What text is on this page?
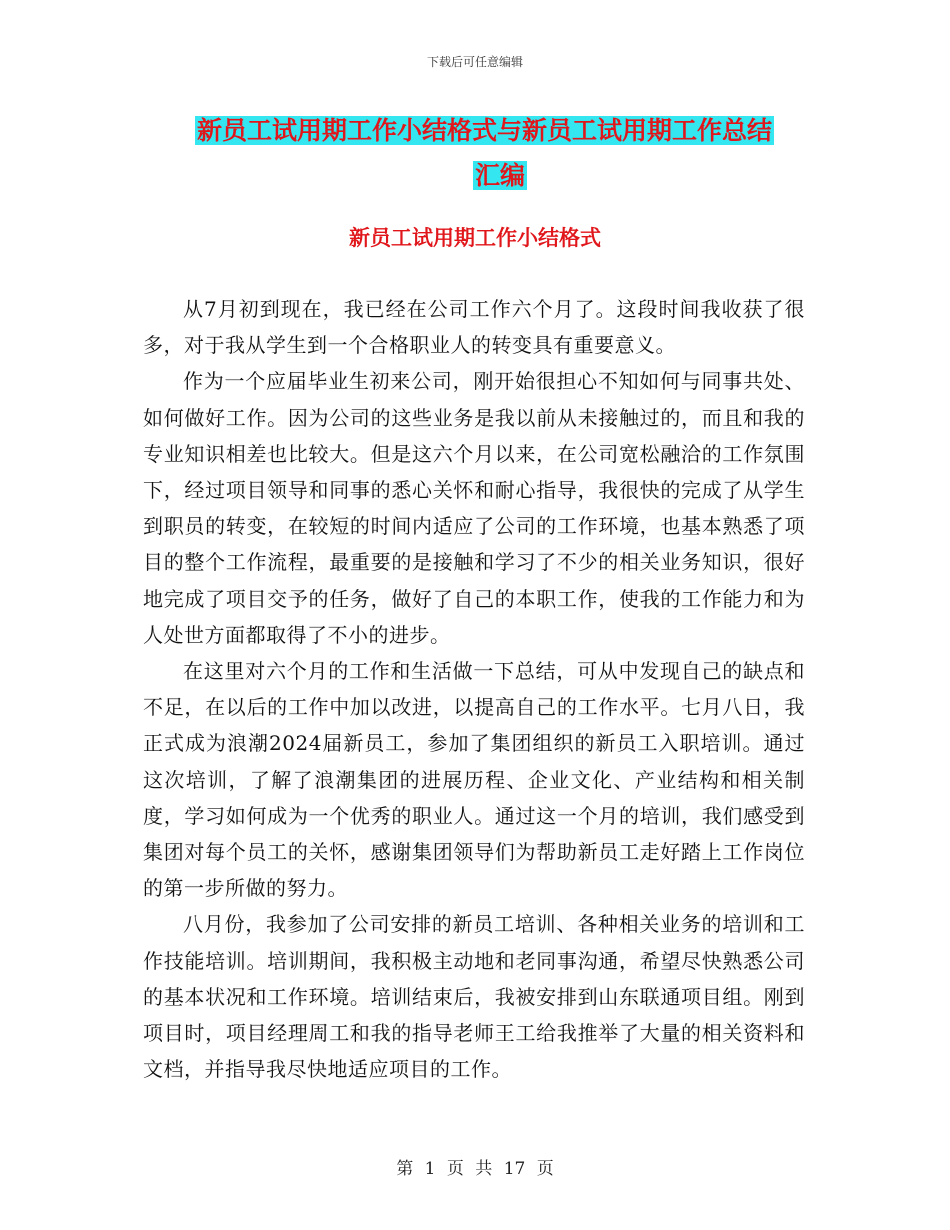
下载后可任意编辑
新员工试用期工作小结格式与新员工试用期工作总结
汇编
新员工试用期工作小结格式

从7月初到现在，我已经在公司工作六个月了。这段时间我收获了很多，对于我从学生到一个合格职业人的转变具有重要意义。

作为一个应届毕业生初来公司，刚开始很担心不知如何与同事共处、如何做好工作。因为公司的这些业务是我以前从未接触过的，而且和我的专业知识相差也比较大。但是这六个月以来，在公司宽松融洽的工作氛围下，经过项目领导和同事的悉心关怀和耐心指导，我很快的完成了从学生到职员的转变，在较短的时间内适应了公司的工作环境，也基本熟悉了项目的整个工作流程，最重要的是接触和学习了不少的相关业务知识，很好地完成了项目交予的任务，做好了自己的本职工作，使我的工作能力和为人处世方面都取得了不小的进步。

在这里对六个月的工作和生活做一下总结，可从中发现自己的缺点和不足，在以后的工作中加以改进，以提高自己的工作水平。七月八日，我正式成为浪潮2024届新员工，参加了集团组织的新员工入职培训。通过这次培训，了解了浪潮集团的进展历程、企业文化、产业结构和相关制度，学习如何成为一个优秀的职业人。通过这一个月的培训，我们感受到集团对每个员工的关怀，感谢集团领导们为帮助新员工走好踏上工作岗位的第一步所做的努力。

八月份，我参加了公司安排的新员工培训、各种相关业务的培训和工作技能培训。培训期间，我积极主动地和老同事沟通，希望尽快熟悉公司的基本状况和工作环境。培训结束后，我被安排到山东联通项目组。刚到项目时，项目经理周工和我的指导老师王工给我推举了大量的相关资料和文档，并指导我尽快地适应项目的工作。

第 1 页 共 17 页
